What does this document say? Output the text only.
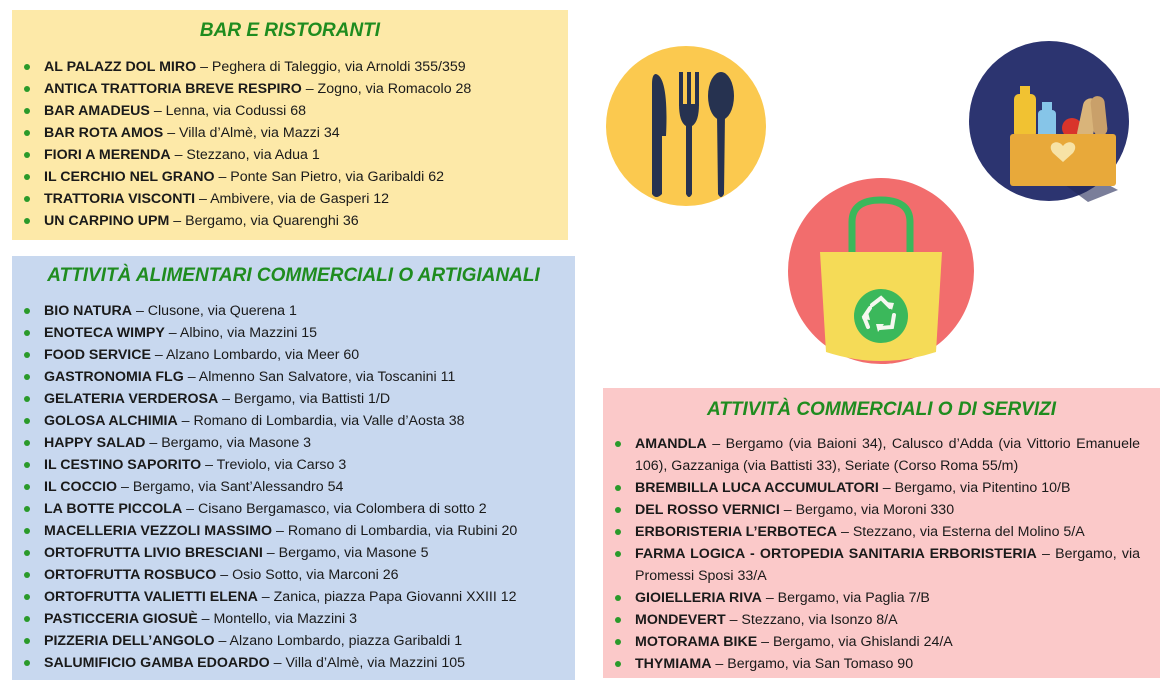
BAR E RISTORANTI
AL PALAZZ DOL MIRO – Peghera di Taleggio, via Arnoldi 355/359
ANTICA TRATTORIA BREVE RESPIRO – Zogno, via Romacolo 28
BAR AMADEUS – Lenna, via Codussi 68
BAR ROTA AMOS – Villa d’Almè, via Mazzi 34
FIORI A MERENDA – Stezzano, via Adua 1
IL CERCHIO NEL GRANO – Ponte San Pietro, via Garibaldi 62
TRATTORIA VISCONTI – Ambivere, via de Gasperi 12
UN CARPINO UPM – Bergamo, via Quarenghi 36
ATTIVITÀ ALIMENTARI COMMERCIALI O ARTIGIANALI
BIO NATURA – Clusone, via Querena 1
ENOTECA WIMPY – Albino, via Mazzini 15
FOOD SERVICE – Alzano Lombardo, via Meer 60
GASTRONOMIA FLG – Almenno San Salvatore, via Toscanini 11
GELATERIA VERDEROSA – Bergamo, via Battisti 1/D
GOLOSA ALCHIMIA – Romano di Lombardia, via Valle d’Aosta 38
HAPPY SALAD – Bergamo, via Masone 3
IL CESTINO SAPORITO – Treviolo, via Carso 3
IL COCCIO – Bergamo, via Sant’Alessandro 54
LA BOTTE PICCOLA – Cisano Bergamasco, via Colombera di sotto 2
MACELLERIA VEZZOLI MASSIMO – Romano di Lombardia, via Rubini 20
ORTOFRUTTA LIVIO BRESCIANI – Bergamo, via Masone 5
ORTOFRUTTA ROSBUCO – Osio Sotto, via Marconi 26
ORTOFRUTTA VALIETTI ELENA – Zanica, piazza Papa Giovanni XXIII 12
PASTICCERIA GIOSUÈ – Montello, via Mazzini 3
PIZZERIA DELL’ANGOLO – Alzano Lombardo, piazza Garibaldi 1
SALUMIFICIO GAMBA EDOARDO – Villa d’Almè, via Mazzini 105
ATTIVITÀ COMMERCIALI O DI SERVIZI
AMANDLA – Bergamo (via Baioni 34), Calusco d’Adda (via Vittorio Emanuele 106), Gazzaniga (via Battisti 33), Seriate (Corso Roma 55/m)
BREMBILLA LUCA ACCUMULATORI – Bergamo, via Pitentino 10/B
DEL ROSSO VERNICI – Bergamo, via Moroni 330
ERBORISTERIA L’ERBOTECA – Stezzano, via Esterna del Molino 5/A
FARMA LOGICA - ORTOPEDIA SANITARIA ERBORISTERIA – Bergamo, via Promessi Sposi 33/A
GIOIELLERIA RIVA – Bergamo, via Paglia 7/B
MONDEVERT – Stezzano, via Isonzo 8/A
MOTORAMA BIKE – Bergamo, via Ghislandi 24/A
THYMIAMA – Bergamo, via San Tomaso 90
